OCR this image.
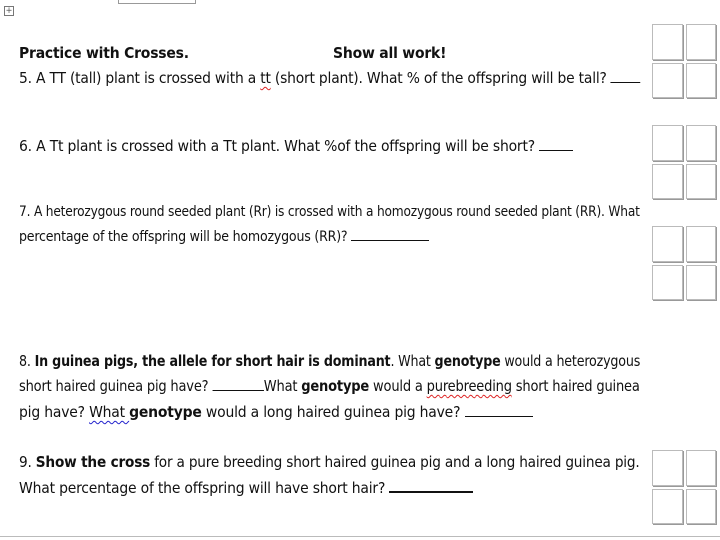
+
Practice with Crosses.	Show all work!
5. A TT (tall) plant is crossed with a tt (short plant). What % of the offspring will be tall?
6. A Tt plant is crossed with a Tt plant. What %of the offspring will be short?
7. A heterozygous round seeded plant (Rr) is crossed with a homozygous round seeded plant (RR). What
percentage of the offspring will be homozygous (RR)?
8. In guinea pigs, the allele for short hair is dominant. What genotype would a heterozygous
short haired guinea pig have?	What genotype would a purebreeding short haired guinea
pig have? What genotype would a long haired guinea pig have?
9. Show the cross for a pure breeding short haired guinea pig and a long haired guinea pig.
What percentage of the offspring will have short hair?
